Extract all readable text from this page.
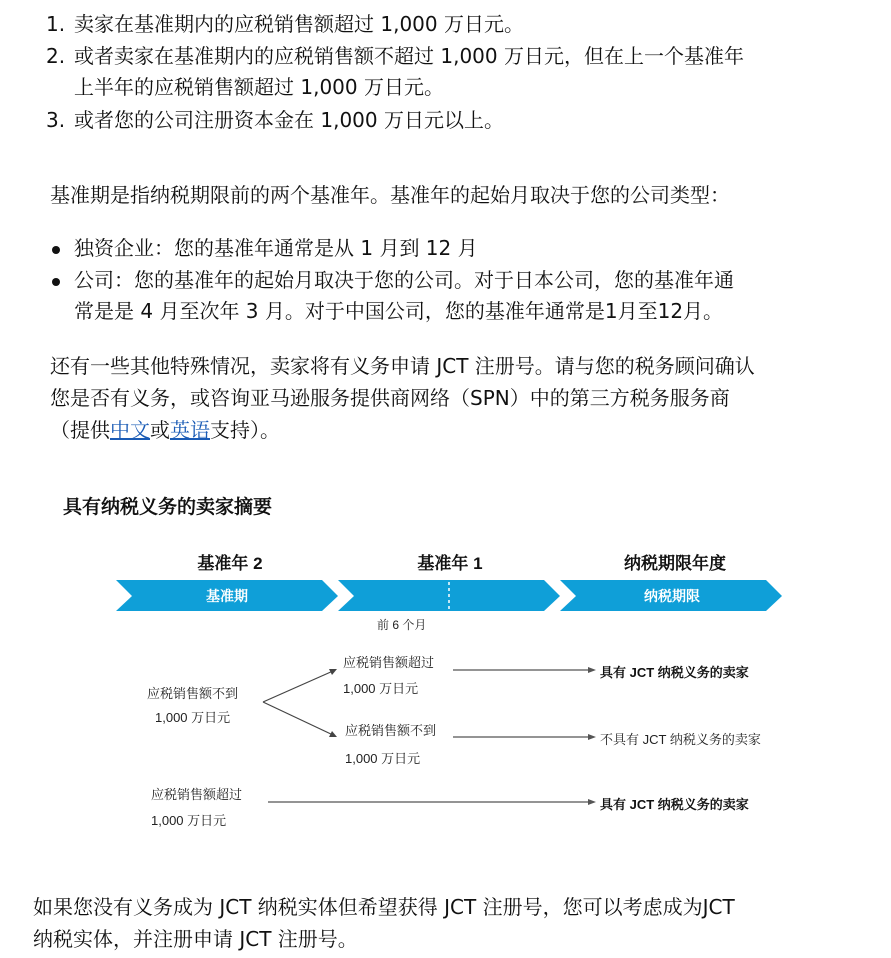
1. 卖家在基准期内的应税销售额超过 1,000 万日元。
2. 或者卖家在基准期内的应税销售额不超过 1,000 万日元，但在上一个基准年
上半年的应税销售额超过 1,000 万日元。
3. 或者您的公司注册资本金在 1,000 万日元以上。
基准期是指纳税期限前的两个基准年。基准年的起始月取决于您的公司类型：
独资企业：您的基准年通常是从 1 月到 12 月
公司：您的基准年的起始月取决于您的公司。对于日本公司，您的基准年通
常是是 4 月至次年 3 月。对于中国公司，您的基准年通常是1月至12月。
还有一些其他特殊情况，卖家将有义务申请 JCT 注册号。请与您的税务顾问确认
您是否有义务，或咨询亚马逊服务提供商网络（SPN）中的第三方税务服务商
（提供中文或英语支持）。
具有纳税义务的卖家摘要
基准年 2	基准年 1	纳税期限年度
基准期	纳税期限
前 6 个月
应税销售额不到
1,000 万日元
应税销售额超过
1,000 万日元
应税销售额不到
1,000 万日元
应税销售额超过
1,000 万日元
具有 JCT 纳税义务的卖家
不具有 JCT 纳税义务的卖家
具有 JCT 纳税义务的卖家
如果您没有义务成为 JCT 纳税实体但希望获得 JCT 注册号，您可以考虑成为JCT
纳税实体，并注册申请 JCT 注册号。
